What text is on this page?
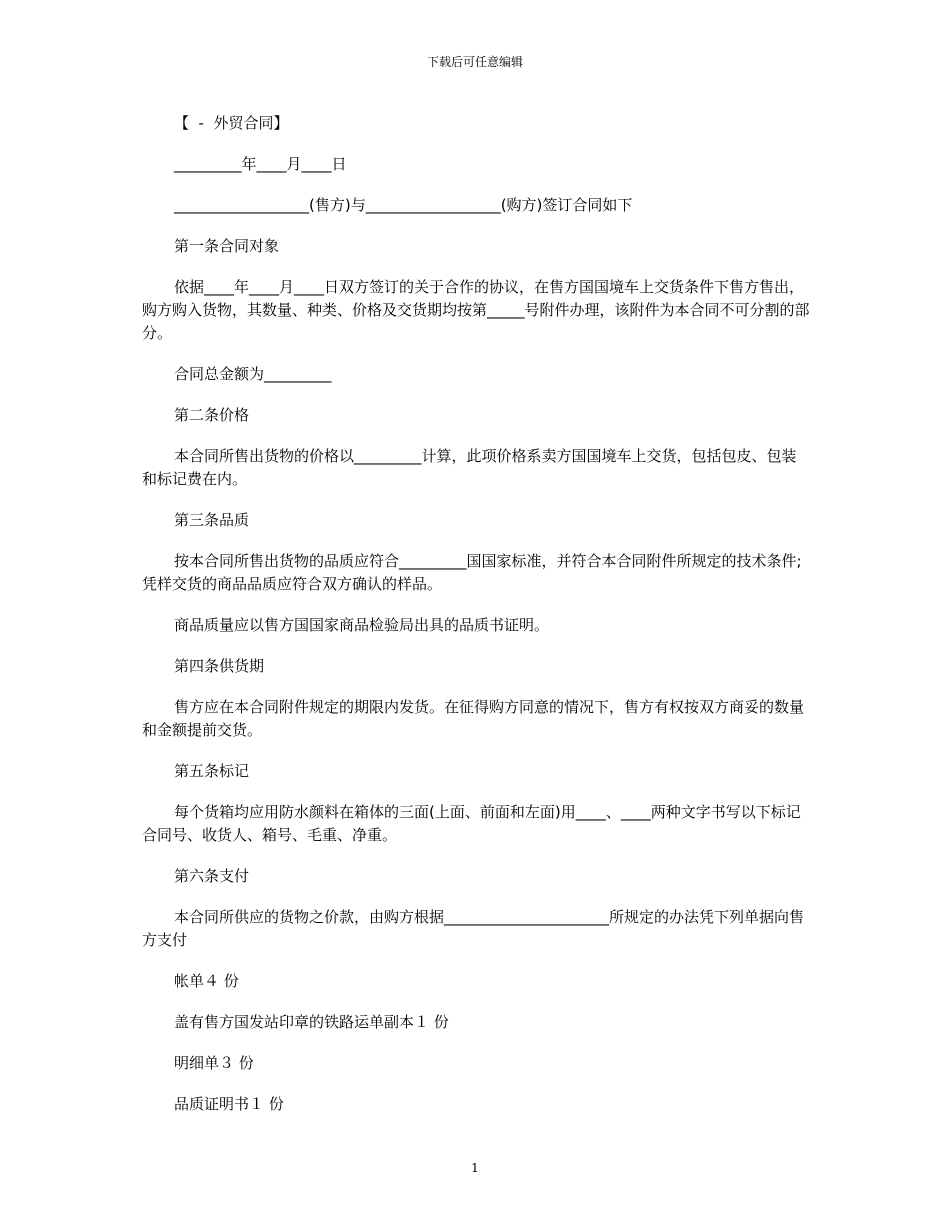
下载后可任意编辑

【  -  外贸合同】

_________年____月____日

__________________(售方)与__________________(购方)签订合同如下

第一条合同对象

依据____年____月____日双方签订的关于合作的协议，在售方国国境车上交货条件下售方售出，购方购入货物，其数量、种类、价格及交货期均按第_____号附件办理，该附件为本合同不可分割的部分。

合同总金额为_________

第二条价格

本合同所售出货物的价格以_________计算，此项价格系卖方国国境车上交货，包括包皮、包装和标记费在内。

第三条品质

按本合同所售出货物的品质应符合_________国国家标准，并符合本合同附件所规定的技术条件;凭样交货的商品品质应符合双方确认的样品。

商品质量应以售方国国家商品检验局出具的品质书证明。

第四条供货期

售方应在本合同附件规定的期限内发货。在征得购方同意的情况下，售方有权按双方商妥的数量和金额提前交货。

第五条标记

每个货箱均应用防水颜料在箱体的三面(上面、前面和左面)用____、____两种文字书写以下标记合同号、收货人、箱号、毛重、净重。

第六条支付

本合同所供应的货物之价款，由购方根据______________________所规定的办法凭下列单据向售方支付

帐单４ 份

盖有售方国发站印章的铁路运单副本１ 份

明细单３ 份

品质证明书１ 份

1
